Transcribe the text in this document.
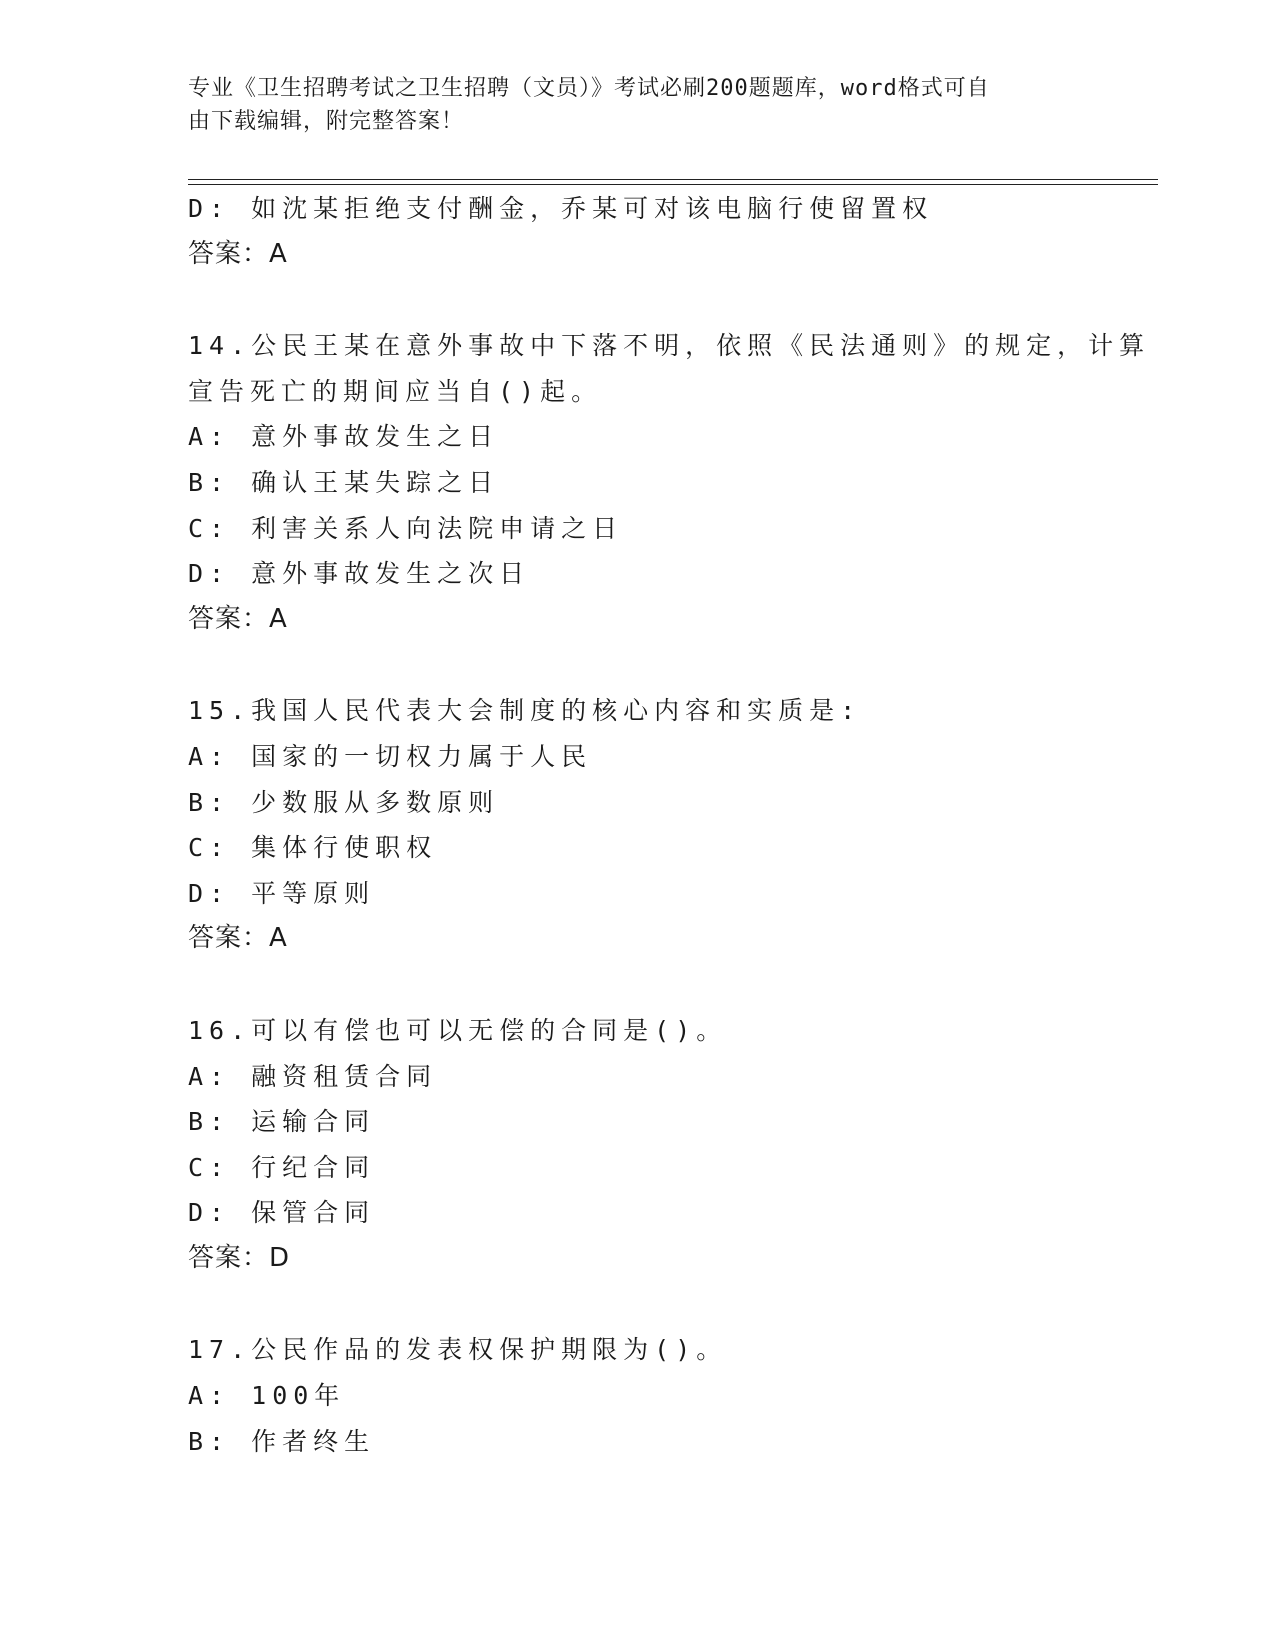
专业《卫生招聘考试之卫生招聘（文员）》考试必刷200题题库，word格式可自
由下载编辑，附完整答案！
D: 如沈某拒绝支付酬金，乔某可对该电脑行使留置权
答案：A
14.公民王某在意外事故中下落不明，依照《民法通则》的规定，计算
宣告死亡的期间应当自()起。
A: 意外事故发生之日
B: 确认王某失踪之日
C: 利害关系人向法院申请之日
D: 意外事故发生之次日
答案：A
15.我国人民代表大会制度的核心内容和实质是:
A: 国家的一切权力属于人民
B: 少数服从多数原则
C: 集体行使职权
D: 平等原则
答案：A
16.可以有偿也可以无偿的合同是()。
A: 融资租赁合同
B: 运输合同
C: 行纪合同
D: 保管合同
答案：D
17.公民作品的发表权保护期限为()。
A: 100年
B: 作者终生
